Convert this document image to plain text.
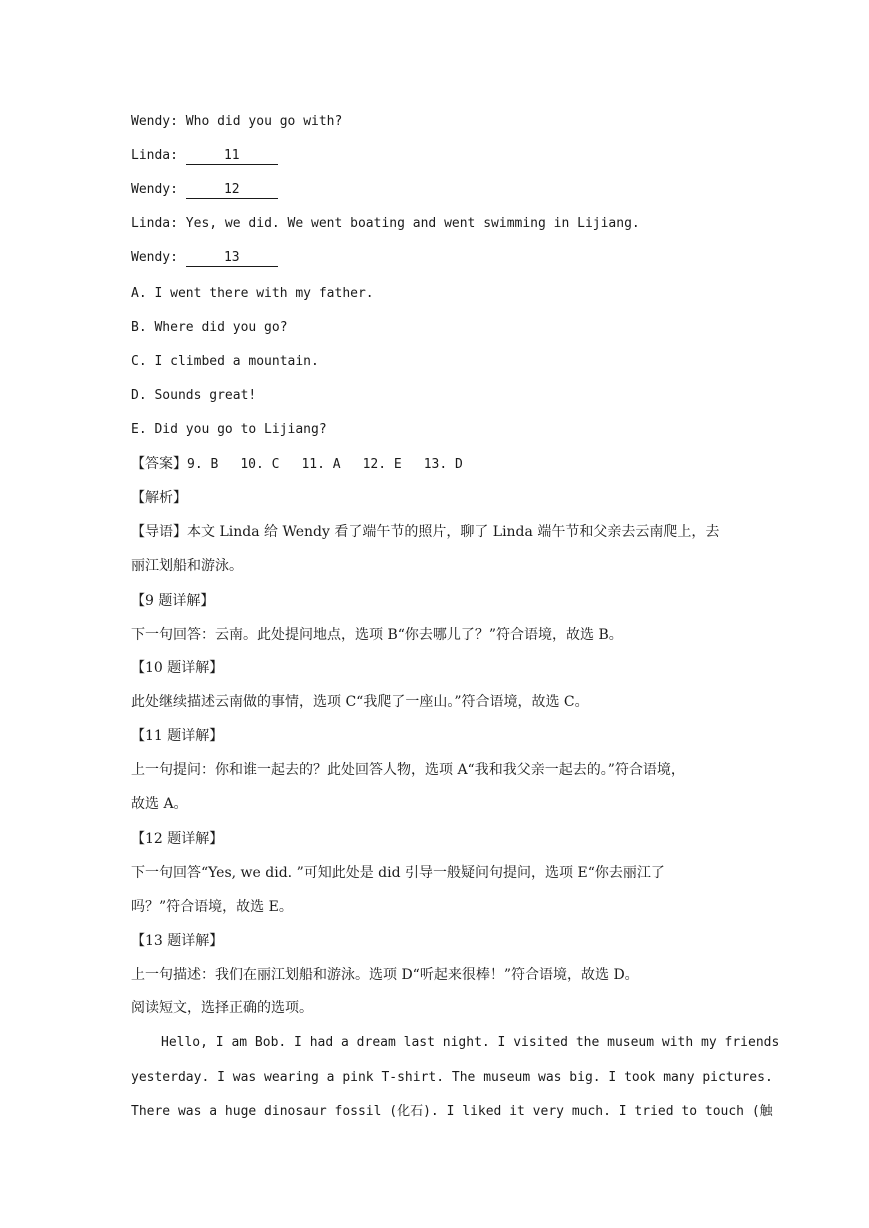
Wendy: Who did you go with?
Linda:	11
Wendy:	12
Linda: Yes, we did. We went boating and went swimming in Lijiang.
Wendy:	13
A. I went there with my father.
B. Where did you go?
C. I climbed a mountain.
D. Sounds great!
E. Did you go to Lijiang?
【答案】9. B 10. C 11. A 12. E 13. D
【解析】
【导语】本文 Linda 给 Wendy 看了端午节的照片，聊了 Linda 端午节和父亲去云南爬上，去
丽江划船和游泳。
【9 题详解】
下一句回答：云南。此处提问地点，选项 B“你去哪儿了？”符合语境，故选 B。
【10 题详解】
此处继续描述云南做的事情，选项 C“我爬了一座山。”符合语境，故选 C。
【11 题详解】
上一句提问：你和谁一起去的？此处回答人物，选项 A“我和我父亲一起去的。”符合语境，
故选 A。
【12 题详解】
下一句回答“Yes, we did. ”可知此处是 did 引导一般疑问句提问，选项 E“你去丽江了
吗？”符合语境，故选 E。
【13 题详解】
上一句描述：我们在丽江划船和游泳。选项 D“听起来很棒！”符合语境，故选 D。
阅读短文，选择正确的选项。
Hello, I am Bob. I had a dream last night. I visited the museum with my friends
yesterday. I was wearing a pink T-shirt. The museum was big. I took many pictures.
There was a huge dinosaur fossil (化石). I liked it very much. I tried to touch (触
